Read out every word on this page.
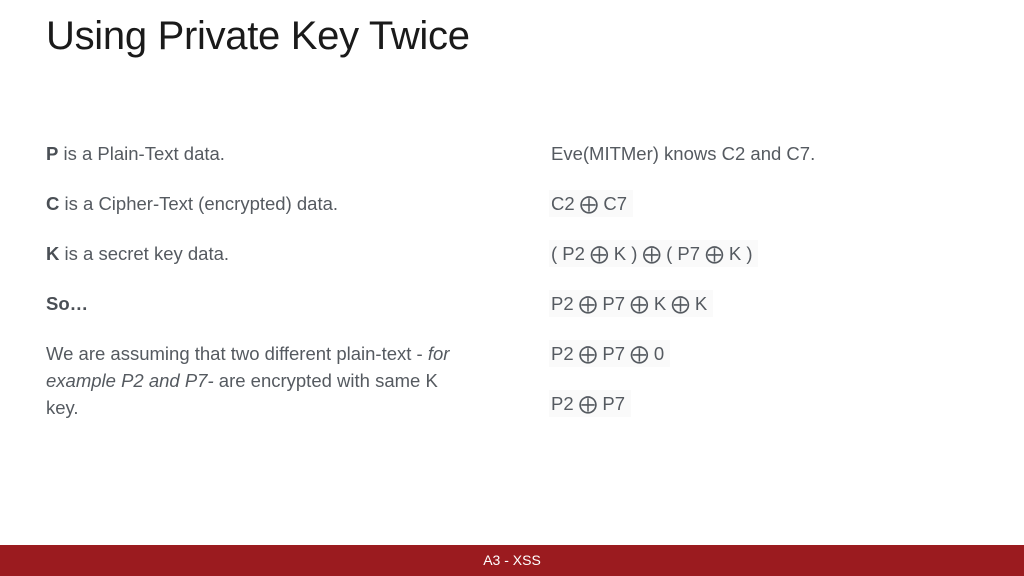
Using Private Key Twice

P is a Plain-Text data.

C is a Cipher-Text (encrypted) data.

K is a secret key data.

So…

We are assuming that two different plain-text - for example P2 and P7- are encrypted with same K key.

Eve(MITMer) knows C2 and C7.
C2 ⨁ C7
( P2 ⨁ K ) ⨁ ( P7 ⨁ K )
P2 ⨁ P7 ⨁ K ⨁ K
P2 ⨁ P7 ⨁ 0
P2 ⨁ P7
A3 - XSS
